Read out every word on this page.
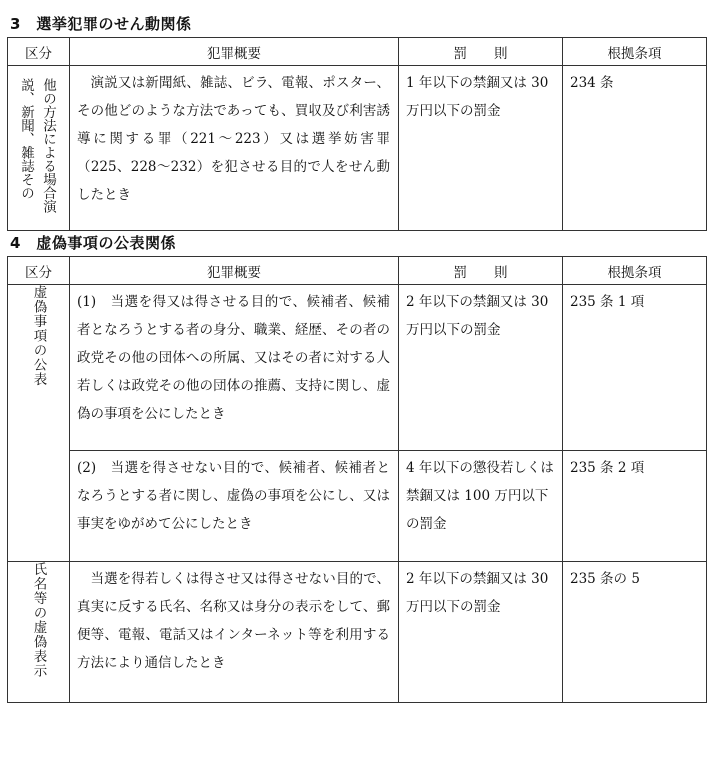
3　選挙犯罪のせん動関係
区分	犯罪概要	罰　　則	根拠条項

他の方法による場合演説、新聞、雑誌その	演説又は新聞紙、雑誌、ビラ、電報、ポスター、その他どのような方法であっても、買収及び利害誘導に関する罪（221～223）又は選挙妨害罪（225、228～232）を犯させる目的で人をせん動したとき	1 年以下の禁錮又は 30 万円以下の罰金	234 条
4　虚偽事項の公表関係
区分	犯罪概要	罰　　則	根拠条項
虚偽事項の公表	(1)　当選を得又は得させる目的で、候補者、候補者となろうとする者の身分、職業、経歴、その者の政党その他の団体への所属、又はその者に対する人若しくは政党その他の団体の推薦、支持に関し、虚偽の事項を公にしたとき	2 年以下の禁錮又は 30 万円以下の罰金	235 条 1 項

	(2)　当選を得させない目的で、候補者、候補者となろうとする者に関し、虚偽の事項を公にし、又は事実をゆがめて公にしたとき	4 年以下の懲役若しくは禁錮又は 100 万円以下の罰金	235 条 2 項

氏名等の虚偽表示	当選を得若しくは得させ又は得させない目的で、真実に反する氏名、名称又は身分の表示をして、郵便等、電報、電話又はインターネット等を利用する方法により通信したとき	2 年以下の禁錮又は 30 万円以下の罰金	235 条の 5
